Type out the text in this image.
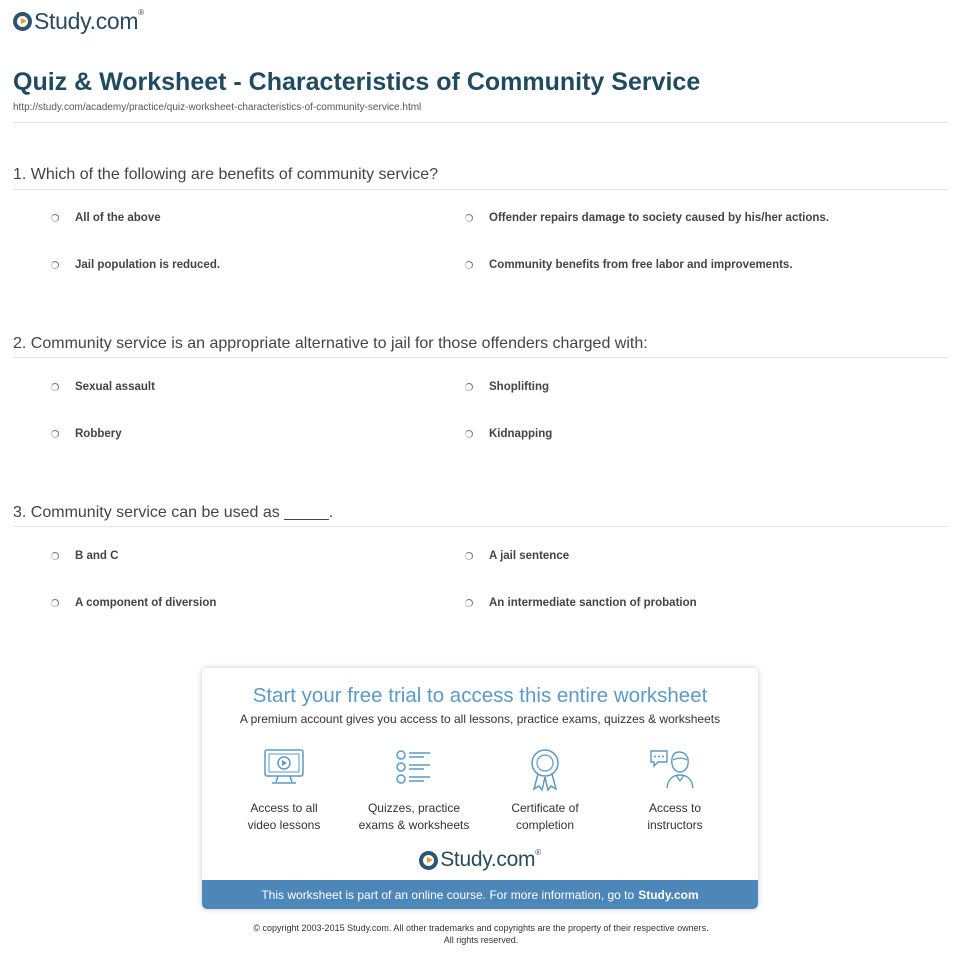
Study.com®
Quiz & Worksheet - Characteristics of Community Service
http://study.com/academy/practice/quiz-worksheet-characteristics-of-community-service.html
1. Which of the following are benefits of community service?
All of the above	Offender repairs damage to society caused by his/her actions.
Jail population is reduced.	Community benefits from free labor and improvements.
2. Community service is an appropriate alternative to jail for those offenders charged with:
Sexual assault	Shoplifting
Robbery	Kidnapping
3. Community service can be used as _____.
B and C	A jail sentence
A component of diversion	An intermediate sanction of probation
Start your free trial to access this entire worksheet
A premium account gives you access to all lessons, practice exams, quizzes & worksheets
Access to all
video lessons
Quizzes, practice
exams & worksheets
Certificate of
completion
Access to
instructors
Study.com®
This worksheet is part of an online course. For more information, go to Study.com
© copyright 2003-2015 Study.com. All other trademarks and copyrights are the property of their respective owners.
All rights reserved.
